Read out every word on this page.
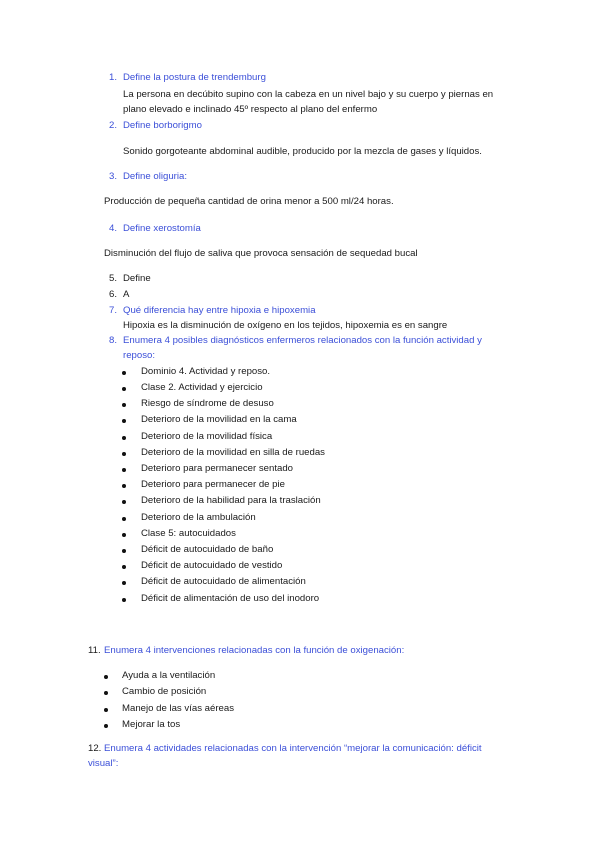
1. Define la postura de trendemburg
La persona en decúbito supino con la cabeza en un nivel bajo y su cuerpo y piernas en plano elevado e inclinado 45º respecto al plano del enfermo
2. Define borborigmo
Sonido gorgoteante abdominal audible, producido por la mezcla de gases y líquidos.
3. Define oliguria:
Producción de pequeña cantidad de orina menor a 500 ml/24 horas.
4. Define xerostomía
Disminución del flujo de saliva que provoca sensación de sequedad bucal
5. Define
6. A
7. Qué diferencia hay entre hipoxia e hipoxemia
Hipoxia es la disminución de oxígeno en los tejidos, hipoxemia es en sangre
8. Enumera 4 posibles diagnósticos enfermeros relacionados con la función actividad y
reposo:
Dominio 4. Actividad y reposo.
Clase 2. Actividad y ejercicio
Riesgo de síndrome de desuso
Deterioro de la movilidad en la cama
Deterioro de la movilidad física
Deterioro de la movilidad en silla de ruedas
Deterioro para permanecer sentado
Deterioro para permanecer de pie
Deterioro de la habilidad para la traslación
Deterioro de la ambulación
Clase 5: autocuidados
Déficit de autocuidado de baño
Déficit de autocuidado de vestido
Déficit de autocuidado de alimentación
Déficit de alimentación de uso del inodoro
11. Enumera 4 intervenciones relacionadas con la función de oxigenación:
Ayuda a la ventilación
Cambio de posición
Manejo de las vías aéreas
Mejorar la tos
12. Enumera 4 actividades relacionadas con la intervención “mejorar la comunicación: déficit
visual”:
